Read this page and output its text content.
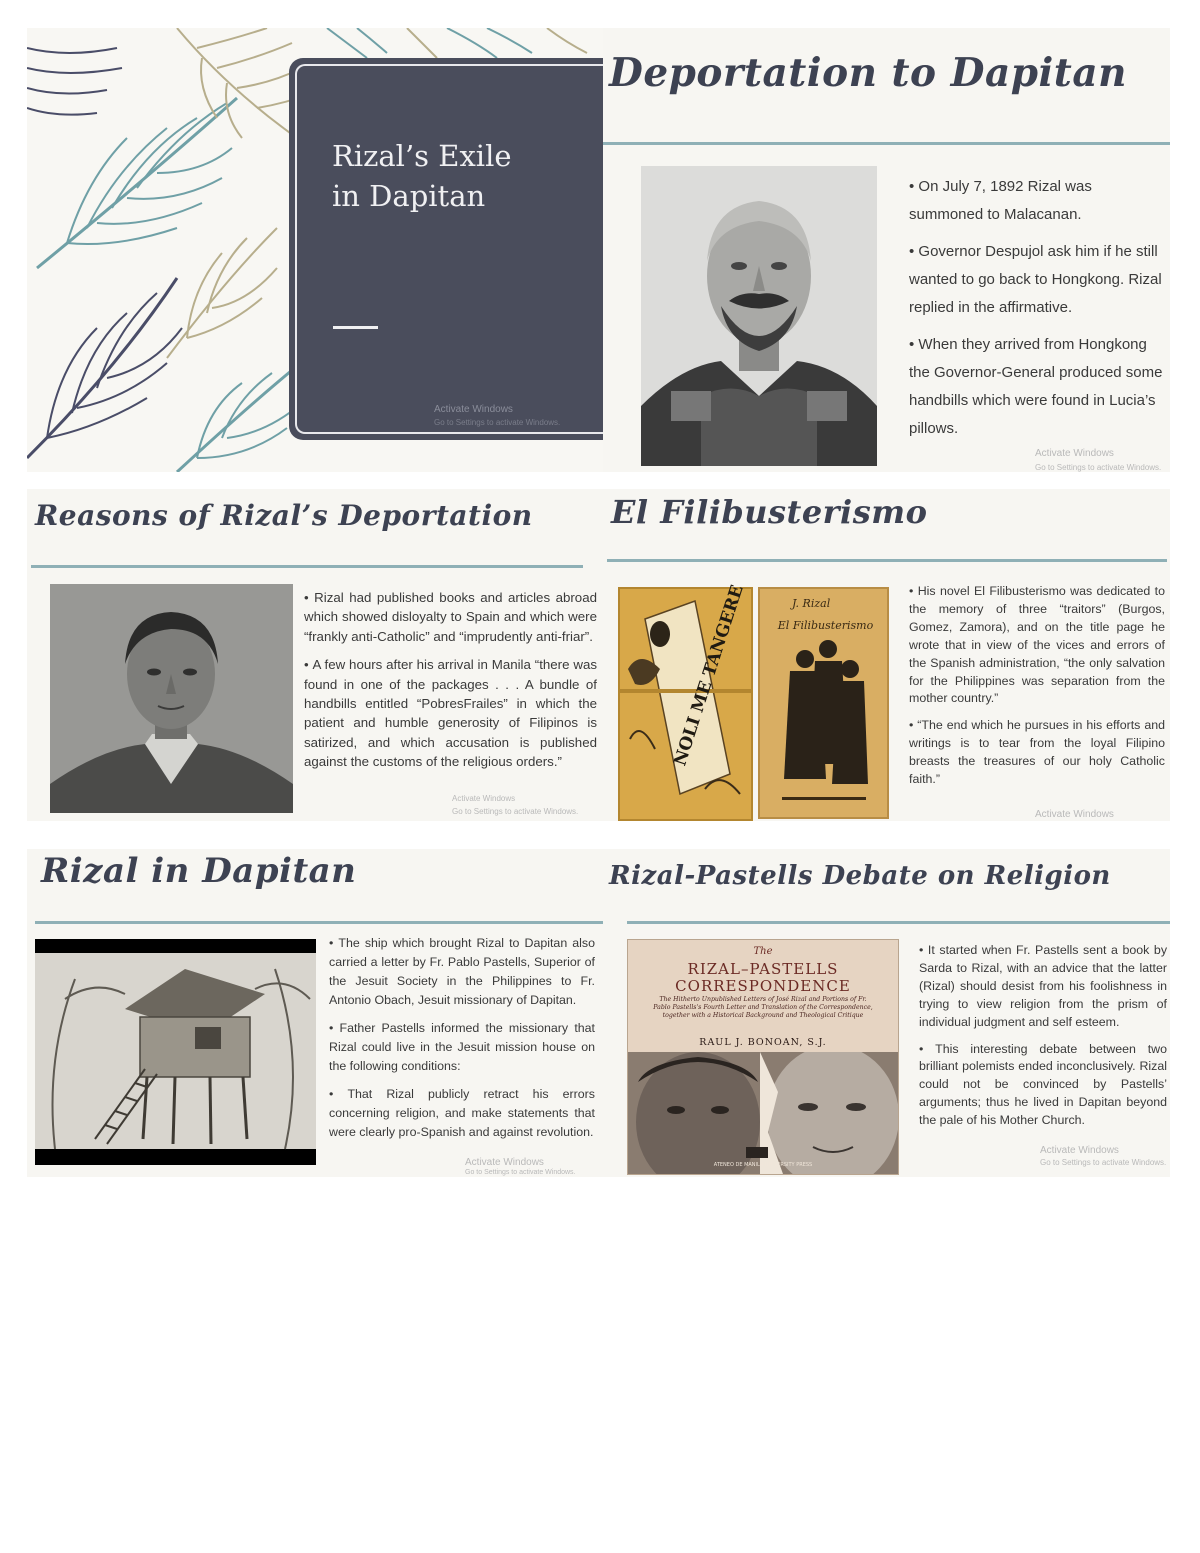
Rizal’s Exile in Dapitan
Activate Windows
Go to Settings to activate Windows.
Deportation to Dapitan
• On July 7, 1892 Rizal was summoned to Malacanan.
• Governor Despujol ask him if he still wanted to go back to Hongkong. Rizal replied in the affirmative.
• When they arrived from Hongkong the Governor-General produced some handbills which were found in Lucia’s pillows.
Activate Windows
Go to Settings to activate Windows.
Reasons of Rizal’s Deportation
• Rizal had published books and articles abroad which showed disloyalty to Spain and which were “frankly anti-Catholic” and “imprudently anti-friar”.
• A few hours after his arrival in Manila “there was found in one of the packages . . . A bundle of handbills entitled “PobresFrailes” in which the patient and humble generosity of Filipinos is satirized, and which accusation is published against the customs of the religious orders.”
Activate Windows
Go to Settings to activate Windows.
El Filibusterismo
NOLI ME TANGERE	J. Rizal
El Filibusterismo
• His novel El Filibusterismo was dedicated to the memory of three “traitors” (Burgos, Gomez, Zamora), and on the title page he wrote that in view of the vices and errors of the Spanish administration, “the only salvation for the Philippines was separation from the mother country.”
• “The end which he pursues in his efforts and writings is to tear from the loyal Filipino breasts the treasures of our holy Catholic faith.”
Activate Windows
Rizal in Dapitan
• The ship which brought Rizal to Dapitan also carried a letter by Fr. Pablo Pastells, Superior of the Jesuit Society in the Philippines to Fr. Antonio Obach, Jesuit missionary of Dapitan.
• Father Pastells informed the missionary that Rizal could live in the Jesuit mission house on the following conditions:
• That Rizal publicly retract his errors concerning religion, and make statements that were clearly pro-Spanish and against revolution.
Activate Windows
Go to Settings to activate Windows.
Rizal-Pastells Debate on Religion
The
RIZAL–PASTELLS
CORRESPONDENCE
The Hitherto Unpublished Letters of José Rizal and Portions of Fr. Pablo Pastells's Fourth Letter and Translation of the Correspondence, together with a Historical Background and Theological Critique
RAUL J. BONOAN, S.J.
ATENEO DE MANILA UNIVERSITY PRESS
• It started when Fr. Pastells sent a book by Sarda to Rizal, with an advice that the latter (Rizal) should desist from his foolishness in trying to view religion from the prism of individual judgment and self esteem.
• This interesting debate between two brilliant polemists ended inconclusively. Rizal could not be convinced by Pastells’ arguments; thus he lived in Dapitan beyond the pale of his Mother Church.
Activate Windows
Go to Settings to activate Windows.
